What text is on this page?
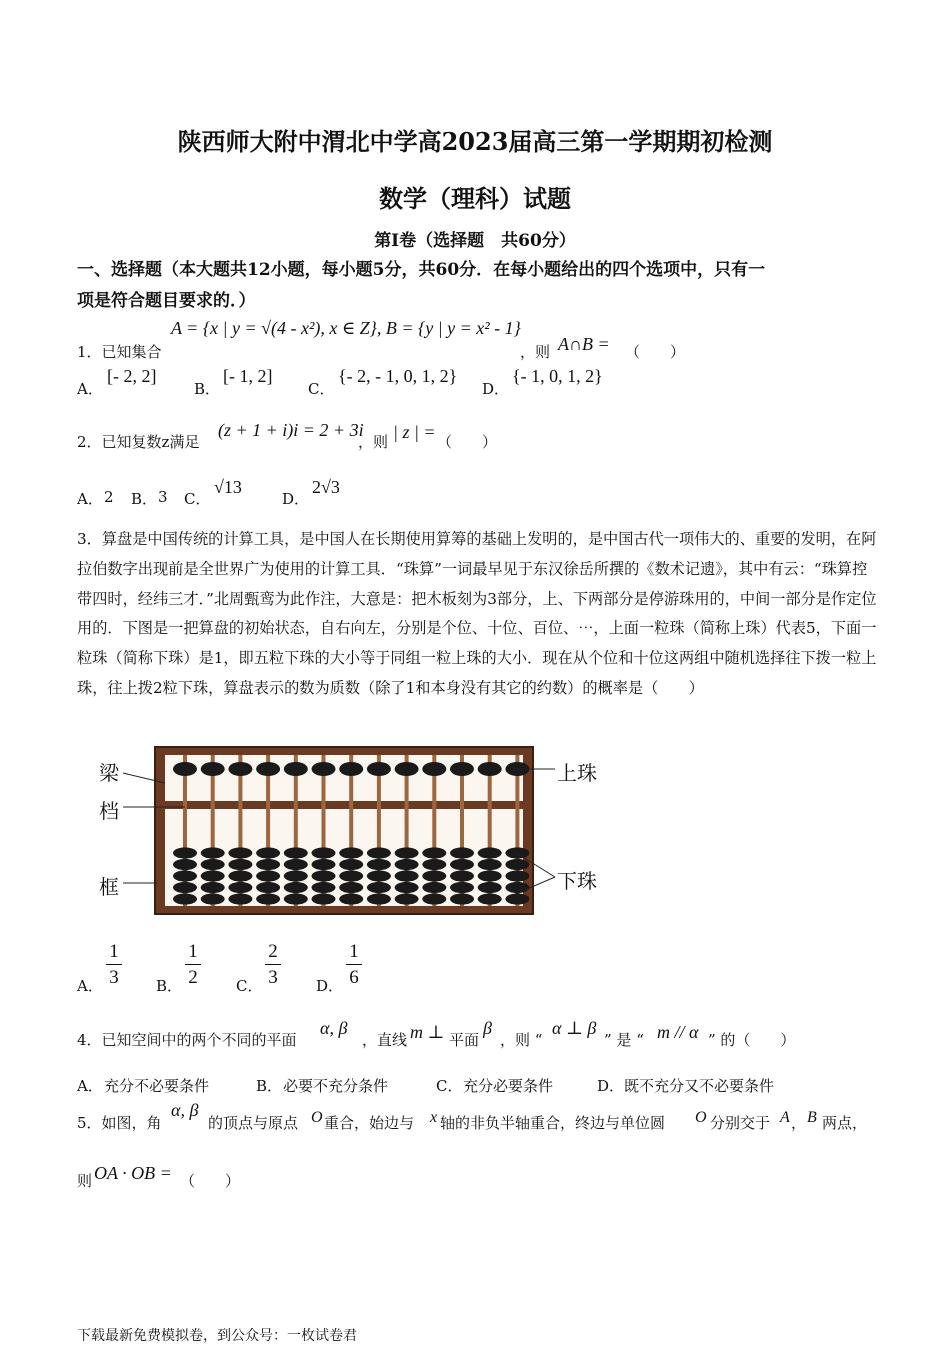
陕西师大附中渭北中学高2023届高三第一学期期初检测
数学（理科）试题
第Ⅰ卷（选择题　共60分）
一、选择题（本大题共12小题，每小题5分，共60分．在每小题给出的四个选项中，只有一
项是符合题目要求的．）
1．已知集合
A = {x | y = √(4 - x²), x ∈ Z}, B = {y | y = x² - 1}
，则 A∩B = （　　）
A．
[- 2, 2]
B．
[- 1, 2]
C．
{- 2, - 1, 0, 1, 2}
D．
{- 1, 0, 1, 2}
2．已知复数z满足
(z + 1 + i)i = 2 + 3i
，则 | z | = （　　）
A． 2 B． 3 C．
√13
D．
2√3
3．算盘是中国传统的计算工具，是中国人在长期使用算筹的基础上发明的，是中国古代一项伟大的、重要的发明，在阿拉伯数字出现前是全世界广为使用的计算工具．“珠算”一词最早见于东汉徐岳所撰的《数术记遗》，其中有云：“珠算控带四时，经纬三才．”北周甄鸾为此作注，大意是：把木板刻为3部分，上、下两部分是停游珠用的，中间一部分是作定位用的．下图是一把算盘的初始状态，自右向左，分别是个位、十位、百位、⋯，上面一粒珠（简称上珠）代表5，下面一粒珠（简称下珠）是1，即五粒下珠的大小等于同组一粒上珠的大小．现在从个位和十位这两组中随机选择往下拨一粒上珠，往上拨2粒下珠，算盘表示的数为质数（除了1和本身没有其它的约数）的概率是（　　）
梁
档
框
上珠
下珠
A．
1
3 B．
1
2	C．
2
3	D．
1
6
4．已知空间中的两个不同的平面
α, β
，直线 m ⊥ 平面
β
，则 “
α ⊥ β
” 是 “ m // α ” 的（　　）
A． 充分不必要条件	B． 必要不充分条件	C． 充分必要条件	D． 既不充分又不必要条件
5．如图，角
α, β
的顶点与原点 O 重合，始边与 x 轴的非负半轴重合，终边与单位圆 O 分别交于 A ， B 两点，
则 OA · OB = （　　）
下载最新免费模拟卷，到公众号：一枚试卷君
